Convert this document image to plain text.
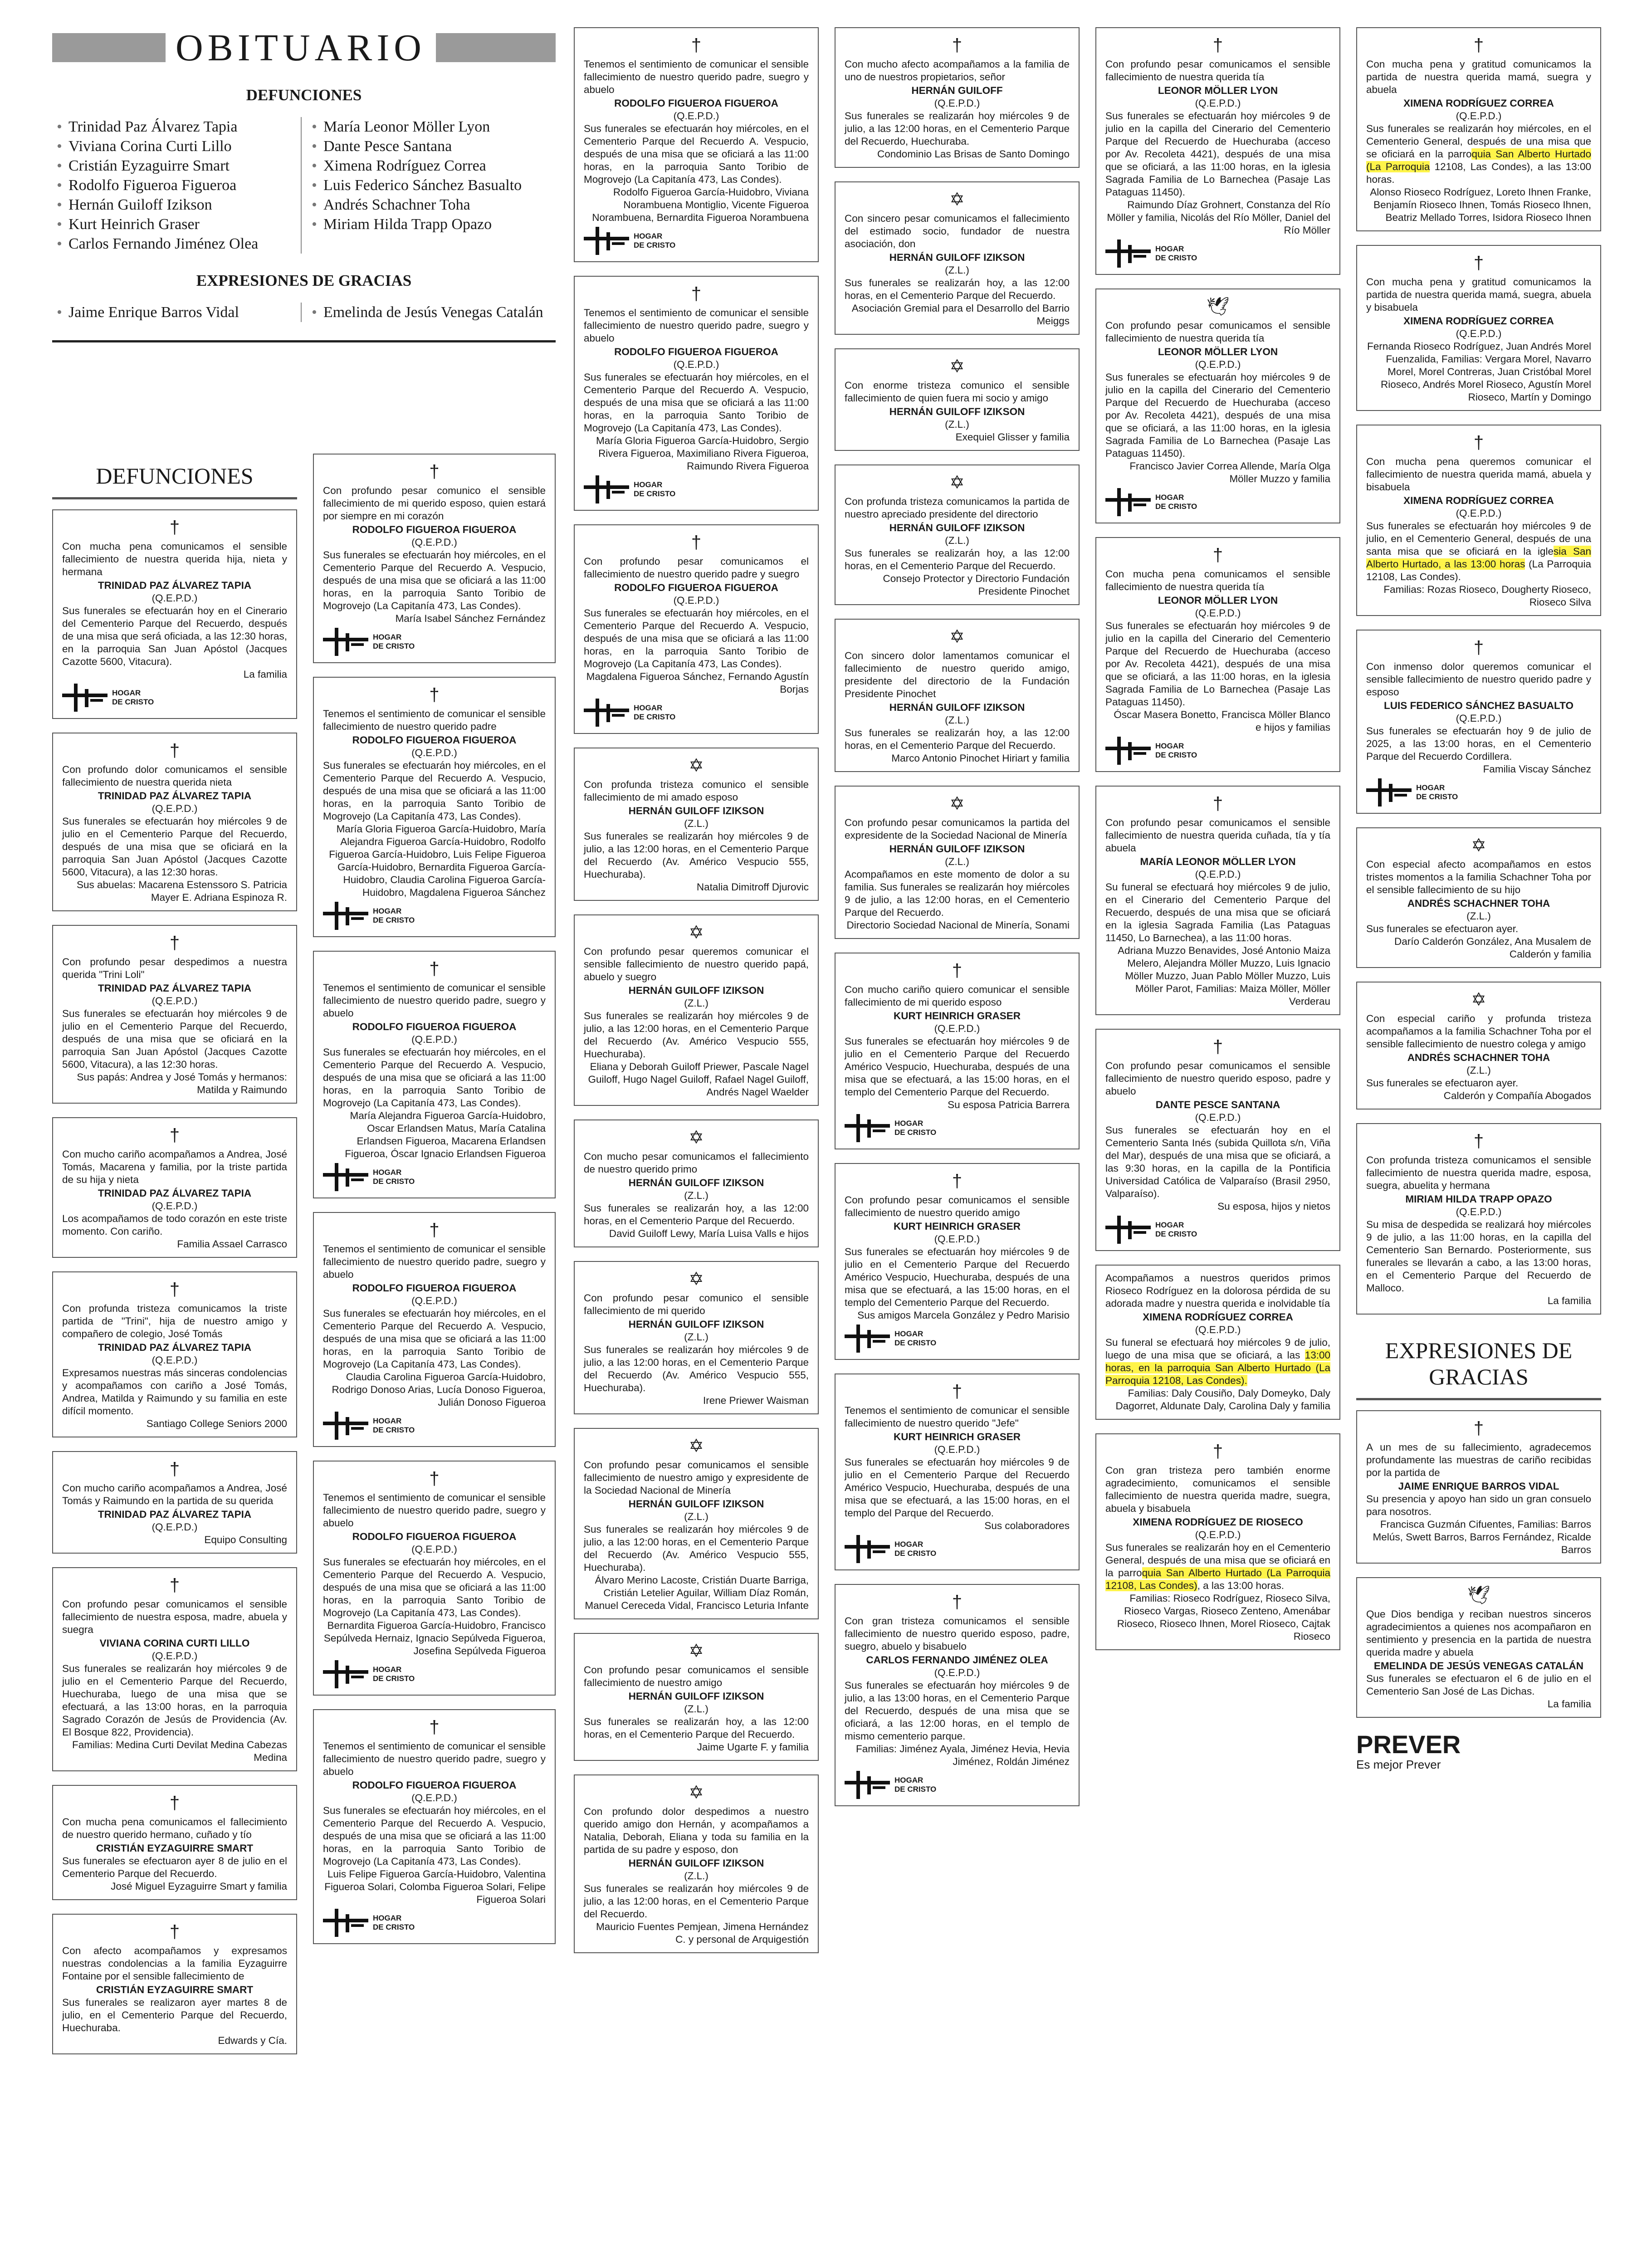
OBITUARIO
DEFUNCIONES
• Trinidad Paz Álvarez Tapia
• Viviana Corina Curti Lillo
• Cristián Eyzaguirre Smart
• Rodolfo Figueroa Figueroa
• Hernán Guiloff Izikson
• Kurt Heinrich Graser
• Carlos Fernando Jiménez Olea
• María Leonor Möller Lyon
• Dante Pesce Santana
• Ximena Rodríguez Correa
• Luis Federico Sánchez Basualto
• Andrés Schachner Toha
• Miriam Hilda Trapp Opazo
EXPRESIONES DE GRACIAS
• Jaime Enrique Barros Vidal
•	Emelinda de Jesús Venegas Catalán
DEFUNCIONES
†
Con mucha pena comunicamos el sensible fallecimiento de nuestra querida hija, nieta y hermana
TRINIDAD PAZ ÁLVAREZ TAPIA
(Q.E.P.D.)
Sus funerales se efectuarán hoy en el Cinerario del Cementerio Parque del Recuerdo, después de una misa que será oficiada, a las 12:30 horas, en la parroquia San Juan Apóstol (Jacques Cazotte 5600, Vitacura).
La familia
HOGAR
DE CRISTO
†
Con profundo dolor comunicamos el sensible fallecimiento de nuestra querida nieta
TRINIDAD PAZ ÁLVAREZ TAPIA
(Q.E.P.D.)
Sus funerales se efectuarán hoy miércoles 9 de julio en el Cementerio Parque del Recuerdo, después de una misa que se oficiará en la parroquia San Juan Apóstol (Jacques Cazotte 5600, Vitacura), a las 12:30 horas.
Sus abuelas: Macarena Estenssoro S. Patricia Mayer E. Adriana Espinoza R.
†
Con profundo pesar despedimos a nuestra querida "Trini Loli"
TRINIDAD PAZ ÁLVAREZ TAPIA
(Q.E.P.D.)
Sus funerales se efectuarán hoy miércoles 9 de julio en el Cementerio Parque del Recuerdo, después de una misa que se oficiará en la parroquia San Juan Apóstol (Jacques Cazotte 5600, Vitacura), a las 12:30 horas.
Sus papás: Andrea y José Tomás y hermanos: Matilda y Raimundo
†
Con mucho cariño acompañamos a Andrea, José Tomás, Macarena y familia, por la triste partida de su hija y nieta
TRINIDAD PAZ ÁLVAREZ TAPIA
(Q.E.P.D.)
Los acompañamos de todo corazón en este triste momento. Con cariño.
Familia Assael Carrasco
†
Con profunda tristeza comunicamos la triste partida de "Trini", hija de nuestro amigo y compañero de colegio, José Tomás
TRINIDAD PAZ ÁLVAREZ TAPIA
(Q.E.P.D.)
Expresamos nuestras más sinceras condolencias y acompañamos con cariño a José Tomás, Andrea, Matilda y Raimundo y su familia en este difícil momento.
Santiago College Seniors 2000
†
Con mucho cariño acompañamos a Andrea, José Tomás y Raimundo en la partida de su querida
TRINIDAD PAZ ÁLVAREZ TAPIA
(Q.E.P.D.)
Equipo Consulting
†
Con profundo pesar comunicamos el sensible fallecimiento de nuestra esposa, madre, abuela y suegra
VIVIANA CORINA CURTI LILLO
(Q.E.P.D.)
Sus funerales se realizarán hoy miércoles 9 de julio en el Cementerio Parque del Recuerdo, Huechuraba, luego de una misa que se efectuará, a las 13:00 horas, en la parroquia Sagrado Corazón de Jesús de Providencia (Av. El Bosque 822, Providencia).
Familias: Medina Curti Devilat Medina Cabezas Medina
†
Con mucha pena comunicamos el fallecimiento de nuestro querido hermano, cuñado y tío
CRISTIÁN EYZAGUIRRE SMART
Sus funerales se efectuaron ayer 8 de julio en el Cementerio Parque del Recuerdo.
José Miguel Eyzaguirre Smart y familia
†
Con afecto acompañamos y expresamos nuestras condolencias a la familia Eyzaguirre Fontaine por el sensible fallecimiento de
CRISTIÁN EYZAGUIRRE SMART
Sus funerales se realizaron ayer martes 8 de julio, en el Cementerio Parque del Recuerdo, Huechuraba.
Edwards y Cía.
†
Con profundo pesar comunico el sensible fallecimiento de mi querido esposo, quien estará por siempre en mi corazón
RODOLFO FIGUEROA FIGUEROA
(Q.E.P.D.)
Sus funerales se efectuarán hoy miércoles, en el Cementerio Parque del Recuerdo A. Vespucio, después de una misa que se oficiará a las 11:00 horas, en la parroquia Santo Toribio de Mogrovejo (La Capitanía 473, Las Condes).
María Isabel Sánchez Fernández
HOGAR
DE CRISTO
†
Tenemos el sentimiento de comunicar el sensible fallecimiento de nuestro querido padre
RODOLFO FIGUEROA FIGUEROA
(Q.E.P.D.)
Sus funerales se efectuarán hoy miércoles, en el Cementerio Parque del Recuerdo A. Vespucio, después de una misa que se oficiará a las 11:00 horas, en la parroquia Santo Toribio de Mogrovejo (La Capitanía 473, Las Condes).
María Gloria Figueroa García-Huidobro, María Alejandra Figueroa García-Huidobro, Rodolfo Figueroa García-Huidobro, Luis Felipe Figueroa García-Huidobro, Bernardita Figueroa García-Huidobro, Claudia Carolina Figueroa García-Huidobro, Magdalena Figueroa Sánchez
HOGAR
DE CRISTO
†
Tenemos el sentimiento de comunicar el sensible fallecimiento de nuestro querido padre, suegro y abuelo
RODOLFO FIGUEROA FIGUEROA
(Q.E.P.D.)
Sus funerales se efectuarán hoy miércoles, en el Cementerio Parque del Recuerdo A. Vespucio, después de una misa que se oficiará a las 11:00 horas, en la parroquia Santo Toribio de Mogrovejo (La Capitanía 473, Las Condes).
María Alejandra Figueroa García-Huidobro, Oscar Erlandsen Matus, María Catalina Erlandsen Figueroa, Macarena Erlandsen Figueroa, Óscar Ignacio Erlandsen Figueroa
HOGAR
DE CRISTO
†
Tenemos el sentimiento de comunicar el sensible fallecimiento de nuestro querido padre, suegro y abuelo
RODOLFO FIGUEROA FIGUEROA
(Q.E.P.D.)
Sus funerales se efectuarán hoy miércoles, en el Cementerio Parque del Recuerdo A. Vespucio, después de una misa que se oficiará a las 11:00 horas, en la parroquia Santo Toribio de Mogrovejo (La Capitanía 473, Las Condes).
Claudia Carolina Figueroa García-Huidobro, Rodrigo Donoso Arias, Lucía Donoso Figueroa, Julián Donoso Figueroa
HOGAR
DE CRISTO
†
Tenemos el sentimiento de comunicar el sensible fallecimiento de nuestro querido padre, suegro y abuelo
RODOLFO FIGUEROA FIGUEROA
(Q.E.P.D.)
Sus funerales se efectuarán hoy miércoles, en el Cementerio Parque del Recuerdo A. Vespucio, después de una misa que se oficiará a las 11:00 horas, en la parroquia Santo Toribio de Mogrovejo (La Capitanía 473, Las Condes).
Bernardita Figueroa García-Huidobro, Francisco Sepúlveda Hernaiz, Ignacio Sepúlveda Figueroa, Josefina Sepúlveda Figueroa
HOGAR
DE CRISTO
†
Tenemos el sentimiento de comunicar el sensible fallecimiento de nuestro querido padre, suegro y abuelo
RODOLFO FIGUEROA FIGUEROA
(Q.E.P.D.)
Sus funerales se efectuarán hoy miércoles, en el Cementerio Parque del Recuerdo A. Vespucio, después de una misa que se oficiará a las 11:00 horas, en la parroquia Santo Toribio de Mogrovejo (La Capitanía 473, Las Condes).
Luis Felipe Figueroa García-Huidobro, Valentina Figueroa Solari, Colomba Figueroa Solari, Felipe Figueroa Solari
HOGAR
DE CRISTO
†
Tenemos el sentimiento de comunicar el sensible fallecimiento de nuestro querido padre, suegro y abuelo
RODOLFO FIGUEROA FIGUEROA
(Q.E.P.D.)
Sus funerales se efectuarán hoy miércoles, en el Cementerio Parque del Recuerdo A. Vespucio, después de una misa que se oficiará a las 11:00 horas, en la parroquia Santo Toribio de Mogrovejo (La Capitanía 473, Las Condes).
Rodolfo Figueroa García-Huidobro, Viviana Norambuena Montiglio, Vicente Figueroa Norambuena, Bernardita Figueroa Norambuena
HOGAR
DE CRISTO
†
Tenemos el sentimiento de comunicar el sensible fallecimiento de nuestro querido padre, suegro y abuelo
RODOLFO FIGUEROA FIGUEROA
(Q.E.P.D.)
Sus funerales se efectuarán hoy miércoles, en el Cementerio Parque del Recuerdo A. Vespucio, después de una misa que se oficiará a las 11:00 horas, en la parroquia Santo Toribio de Mogrovejo (La Capitanía 473, Las Condes).
María Gloria Figueroa García-Huidobro, Sergio Rivera Figueroa, Maximiliano Rivera Figueroa, Raimundo Rivera Figueroa
HOGAR
DE CRISTO
†
Con profundo pesar comunicamos el fallecimiento de nuestro querido padre y suegro
RODOLFO FIGUEROA FIGUEROA
(Q.E.P.D.)
Sus funerales se efectuarán hoy miércoles, en el Cementerio Parque del Recuerdo A. Vespucio, después de una misa que se oficiará a las 11:00 horas, en la parroquia Santo Toribio de Mogrovejo (La Capitanía 473, Las Condes).
Magdalena Figueroa Sánchez, Fernando Agustín Borjas
HOGAR
DE CRISTO
✡
Con profunda tristeza comunico el sensible fallecimiento de mi amado esposo
HERNÁN GUILOFF IZIKSON
(Z.L.)
Sus funerales se realizarán hoy miércoles 9 de julio, a las 12:00 horas, en el Cementerio Parque del Recuerdo (Av. Américo Vespucio 555, Huechuraba).
Natalia Dimitroff Djurovic
✡
Con profundo pesar queremos comunicar el sensible fallecimiento de nuestro querido papá, abuelo y suegro
HERNÁN GUILOFF IZIKSON
(Z.L.)
Sus funerales se realizarán hoy miércoles 9 de julio, a las 12:00 horas, en el Cementerio Parque del Recuerdo (Av. Américo Vespucio 555, Huechuraba).
Eliana y Deborah Guiloff Priewer, Pascale Nagel Guiloff, Hugo Nagel Guiloff, Rafael Nagel Guiloff, Andrés Nagel Waelder
✡
Con mucho pesar comunicamos el fallecimiento de nuestro querido primo
HERNÁN GUILOFF IZIKSON
(Z.L.)
Sus funerales se realizarán hoy, a las 12:00 horas, en el Cementerio Parque del Recuerdo.
David Guiloff Lewy, María Luisa Valls e hijos
✡
Con profundo pesar comunico el sensible fallecimiento de mi querido
HERNÁN GUILOFF IZIKSON
(Z.L.)
Sus funerales se realizarán hoy miércoles 9 de julio, a las 12:00 horas, en el Cementerio Parque del Recuerdo (Av. Américo Vespucio 555, Huechuraba).
Irene Priewer Waisman
✡
Con profundo pesar comunicamos el sensible fallecimiento de nuestro amigo y expresidente de la Sociedad Nacional de Minería
HERNÁN GUILOFF IZIKSON
(Z.L.)
Sus funerales se realizarán hoy miércoles 9 de julio, a las 12:00 horas, en el Cementerio Parque del Recuerdo (Av. Américo Vespucio 555, Huechuraba).
Álvaro Merino Lacoste, Cristián Duarte Barriga, Cristián Letelier Aguilar, William Díaz Román, Manuel Cereceda Vidal, Francisco Leturia Infante
✡
Con profundo pesar comunicamos el sensible fallecimiento de nuestro amigo
HERNÁN GUILOFF IZIKSON
(Z.L.)
Sus funerales se realizarán hoy, a las 12:00 horas, en el Cementerio Parque del Recuerdo.
Jaime Ugarte F. y familia
✡
Con profundo dolor despedimos a nuestro querido amigo don Hernán, y acompañamos a Natalia, Deborah, Eliana y toda su familia en la partida de su padre y esposo, don
HERNÁN GUILOFF IZIKSON
(Z.L.)
Sus funerales se realizarán hoy miércoles 9 de julio, a las 12:00 horas, en el Cementerio Parque del Recuerdo.
Mauricio Fuentes Pemjean, Jimena Hernández C. y personal de Arquigestión
†
Con mucho afecto acompañamos a la familia de uno de nuestros propietarios, señor
HERNÁN GUILOFF
(Q.E.P.D.)
Sus funerales se realizarán hoy miércoles 9 de julio, a las 12:00 horas, en el Cementerio Parque del Recuerdo, Huechuraba.
Condominio Las Brisas de Santo Domingo
✡
Con sincero pesar comunicamos el fallecimiento del estimado socio, fundador de nuestra asociación, don
HERNÁN GUILOFF IZIKSON
(Z.L.)
Sus funerales se realizarán hoy, a las 12:00 horas, en el Cementerio Parque del Recuerdo.
Asociación Gremial para el Desarrollo del Barrio Meiggs
✡
Con enorme tristeza comunico el sensible fallecimiento de quien fuera mi socio y amigo
HERNÁN GUILOFF IZIKSON
(Z.L.)
Exequiel Glisser y familia
✡
Con profunda tristeza comunicamos la partida de nuestro apreciado presidente del directorio
HERNÁN GUILOFF IZIKSON
(Z.L.)
Sus funerales se realizarán hoy, a las 12:00 horas, en el Cementerio Parque del Recuerdo.
Consejo Protector y Directorio Fundación Presidente Pinochet
✡
Con sincero dolor lamentamos comunicar el fallecimiento de nuestro querido amigo, presidente del directorio de la Fundación Presidente Pinochet
HERNÁN GUILOFF IZIKSON
(Z.L.)
Sus funerales se realizarán hoy, a las 12:00 horas, en el Cementerio Parque del Recuerdo.
Marco Antonio Pinochet Hiriart y familia
✡
Con profundo pesar comunicamos la partida del expresidente de la Sociedad Nacional de Minería
HERNÁN GUILOFF IZIKSON
(Z.L.)
Acompañamos en este momento de dolor a su familia. Sus funerales se realizarán hoy miércoles 9 de julio, a las 12:00 horas, en el Cementerio Parque del Recuerdo.
Directorio Sociedad Nacional de Minería, Sonami
†
Con mucho cariño quiero comunicar el sensible fallecimiento de mi querido esposo
KURT HEINRICH GRASER
(Q.E.P.D.)
Sus funerales se efectuarán hoy miércoles 9 de julio en el Cementerio Parque del Recuerdo Américo Vespucio, Huechuraba, después de una misa que se efectuará, a las 15:00 horas, en el templo del Cementerio Parque del Recuerdo.
Su esposa Patricia Barrera
HOGAR
DE CRISTO
†
Con profundo pesar comunicamos el sensible fallecimiento de nuestro querido amigo
KURT HEINRICH GRASER
(Q.E.P.D.)
Sus funerales se efectuarán hoy miércoles 9 de julio en el Cementerio Parque del Recuerdo Américo Vespucio, Huechuraba, después de una misa que se efectuará, a las 15:00 horas, en el templo del Cementerio Parque del Recuerdo.
Sus amigos Marcela González y Pedro Marisio
HOGAR
DE CRISTO
†
Tenemos el sentimiento de comunicar el sensible fallecimiento de nuestro querido "Jefe"
KURT HEINRICH GRASER
(Q.E.P.D.)
Sus funerales se efectuarán hoy miércoles 9 de julio en el Cementerio Parque del Recuerdo Américo Vespucio, Huechuraba, después de una misa que se efectuará, a las 15:00 horas, en el templo del Parque del Recuerdo.
Sus colaboradores
HOGAR
DE CRISTO
†
Con gran tristeza comunicamos el sensible fallecimiento de nuestro querido esposo, padre, suegro, abuelo y bisabuelo
CARLOS FERNANDO JIMÉNEZ OLEA
(Q.E.P.D.)
Sus funerales se efectuarán hoy miércoles 9 de julio, a las 13:00 horas, en el Cementerio Parque del Recuerdo, después de una misa que se oficiará, a las 12:00 horas, en el templo de mismo cementerio parque.
Familias: Jiménez Ayala, Jiménez Hevia, Hevia Jiménez, Roldán Jiménez
HOGAR
DE CRISTO
†
Con profundo pesar comunicamos el sensible fallecimiento de nuestra querida tía
LEONOR MÖLLER LYON
(Q.E.P.D.)
Sus funerales se efectuarán hoy miércoles 9 de julio en la capilla del Cinerario del Cementerio Parque del Recuerdo de Huechuraba (acceso por Av. Recoleta 4421), después de una misa que se oficiará, a las 11:00 horas, en la iglesia Sagrada Familia de Lo Barnechea (Pasaje Las Pataguas 11450).
Raimundo Díaz Grohnert, Constanza del Río Möller y familia, Nicolás del Río Möller, Daniel del Río Möller
HOGAR
DE CRISTO
🕊
Con profundo pesar comunicamos el sensible fallecimiento de nuestra querida tía
LEONOR MÖLLER LYON
(Q.E.P.D.)
Sus funerales se efectuarán hoy miércoles 9 de julio en la capilla del Cinerario del Cementerio Parque del Recuerdo de Huechuraba (acceso por Av. Recoleta 4421), después de una misa que se oficiará, a las 11:00 horas, en la iglesia Sagrada Familia de Lo Barnechea (Pasaje Las Pataguas 11450).
Francisco Javier Correa Allende, María Olga Möller Muzzo y familia
HOGAR
DE CRISTO
†
Con mucha pena comunicamos el sensible fallecimiento de nuestra querida tía
LEONOR MÖLLER LYON
(Q.E.P.D.)
Sus funerales se efectuarán hoy miércoles 9 de julio en la capilla del Cinerario del Cementerio Parque del Recuerdo de Huechuraba (acceso por Av. Recoleta 4421), después de una misa que se oficiará, a las 11:00 horas, en la iglesia Sagrada Familia de Lo Barnechea (Pasaje Las Pataguas 11450).
Óscar Masera Bonetto, Francisca Möller Blanco e hijos y familias
HOGAR
DE CRISTO
†
Con profundo pesar comunicamos el sensible fallecimiento de nuestra querida cuñada, tía y tía abuela
MARÍA LEONOR MÖLLER LYON
(Q.E.P.D.)
Su funeral se efectuará hoy miércoles 9 de julio, en el Cinerario del Cementerio Parque del Recuerdo, después de una misa que se oficiará en la iglesia Sagrada Familia (Las Pataguas 11450, Lo Barnechea), a las 11:00 horas.
Adriana Muzzo Benavides, José Antonio Maiza Melero, Alejandra Möller Muzzo, Luis Ignacio Möller Muzzo, Juan Pablo Möller Muzzo, Luis Möller Parot, Familias: Maiza Möller, Möller Verderau
†
Con profundo pesar comunicamos el sensible fallecimiento de nuestro querido esposo, padre y abuelo
DANTE PESCE SANTANA
(Q.E.P.D.)
Sus funerales se efectuarán hoy en el Cementerio Santa Inés (subida Quillota s/n, Viña del Mar), después de una misa que se oficiará, a las 9:30 horas, en la capilla de la Pontificia Universidad Católica de Valparaíso (Brasil 2950, Valparaíso).
Su esposa, hijos y nietos
HOGAR
DE CRISTO
Acompañamos a nuestros queridos primos Rioseco Rodríguez en la dolorosa pérdida de su adorada madre y nuestra querida e inolvidable tía
XIMENA RODRÍGUEZ CORREA
(Q.E.P.D.)
Su funeral se efectuará hoy miércoles 9 de julio, luego de una misa que se oficiará, a las 13:00 horas, en la parroquia San Alberto Hurtado (La Parroquia 12108, Las Condes).
Familias: Daly Cousiño, Daly Domeyko, Daly Dagorret, Aldunate Daly, Carolina Daly y familia
†
Con gran tristeza pero también enorme agradecimiento, comunicamos el sensible fallecimiento de nuestra querida madre, suegra, abuela y bisabuela
XIMENA RODRÍGUEZ DE RIOSECO
(Q.E.P.D.)
Sus funerales se realizarán hoy en el Cementerio General, después de una misa que se oficiará en la parroquia San Alberto Hurtado (La Parroquia 12108, Las Condes), a las 13:00 horas.
Familias: Rioseco Rodríguez, Rioseco Silva, Rioseco Vargas, Rioseco Zenteno, Amenábar Rioseco, Rioseco Ihnen, Morel Rioseco, Cajtak Rioseco
†
Con mucha pena y gratitud comunicamos la partida de nuestra querida mamá, suegra y abuela
XIMENA RODRÍGUEZ CORREA
(Q.E.P.D.)
Sus funerales se realizarán hoy miércoles, en el Cementerio General, después de una misa que se oficiará en la parroquia San Alberto Hurtado (La Parroquia 12108, Las Condes), a las 13:00 horas.
Alonso Rioseco Rodríguez, Loreto Ihnen Franke, Benjamín Rioseco Ihnen, Tomás Rioseco Ihnen, Beatriz Mellado Torres, Isidora Rioseco Ihnen
†
Con mucha pena y gratitud comunicamos la partida de nuestra querida mamá, suegra, abuela y bisabuela
XIMENA RODRÍGUEZ CORREA
(Q.E.P.D.)
Fernanda Rioseco Rodríguez, Juan Andrés Morel Fuenzalida, Familias: Vergara Morel, Navarro Morel, Morel Contreras, Juan Cristóbal Morel Rioseco, Andrés Morel Rioseco, Agustín Morel Rioseco, Martín y Domingo
†
Con mucha pena queremos comunicar el fallecimiento de nuestra querida mamá, abuela y bisabuela
XIMENA RODRÍGUEZ CORREA
(Q.E.P.D.)
Sus funerales se efectuarán hoy miércoles 9 de julio, en el Cementerio General, después de una santa misa que se oficiará en la iglesia San Alberto Hurtado, a las 13:00 horas (La Parroquia 12108, Las Condes).
Familias: Rozas Rioseco, Dougherty Rioseco, Rioseco Silva
†
Con inmenso dolor queremos comunicar el sensible fallecimiento de nuestro querido padre y esposo
LUIS FEDERICO SÁNCHEZ BASUALTO
(Q.E.P.D.)
Sus funerales se efectuarán hoy 9 de julio de 2025, a las 13:00 horas, en el Cementerio Parque del Recuerdo Cordillera.
Familia Viscay Sánchez
HOGAR
DE CRISTO
✡
Con especial afecto acompañamos en estos tristes momentos a la familia Schachner Toha por el sensible fallecimiento de su hijo
ANDRÉS SCHACHNER TOHA
(Z.L.)
Sus funerales se efectuaron ayer.
Darío Calderón González, Ana Musalem de Calderón y familia
✡
Con especial cariño y profunda tristeza acompañamos a la familia Schachner Toha por el sensible fallecimiento de nuestro colega y amigo
ANDRÉS SCHACHNER TOHA
(Z.L.)
Sus funerales se efectuaron ayer.
Calderón y Compañía Abogados
†
Con profunda tristeza comunicamos el sensible fallecimiento de nuestra querida madre, esposa, suegra, abuelita y hermana
MIRIAM HILDA TRAPP OPAZO
(Q.E.P.D.)
Su misa de despedida se realizará hoy miércoles 9 de julio, a las 11:00 horas, en la capilla del Cementerio San Bernardo. Posteriormente, sus funerales se llevarán a cabo, a las 13:00 horas, en el Cementerio Parque del Recuerdo de Malloco.
La familia
EXPRESIONES DE GRACIAS
†
A un mes de su fallecimiento, agradecemos profundamente las muestras de cariño recibidas por la partida de
JAIME ENRIQUE BARROS VIDAL
Su presencia y apoyo han sido un gran consuelo para nosotros.
Francisca Guzmán Cifuentes, Familias: Barros Melús, Swett Barros, Barros Fernández, Ricalde Barros
🕊
Que Dios bendiga y reciban nuestros sinceros agradecimientos a quienes nos acompañaron en sentimiento y presencia en la partida de nuestra querida madre y abuela
EMELINDA DE JESÚS VENEGAS CATALÁN
Sus funerales se efectuaron el 6 de julio en el Cementerio San José de Las Dichas.
La familia
PREVER
Es mejor Prever
